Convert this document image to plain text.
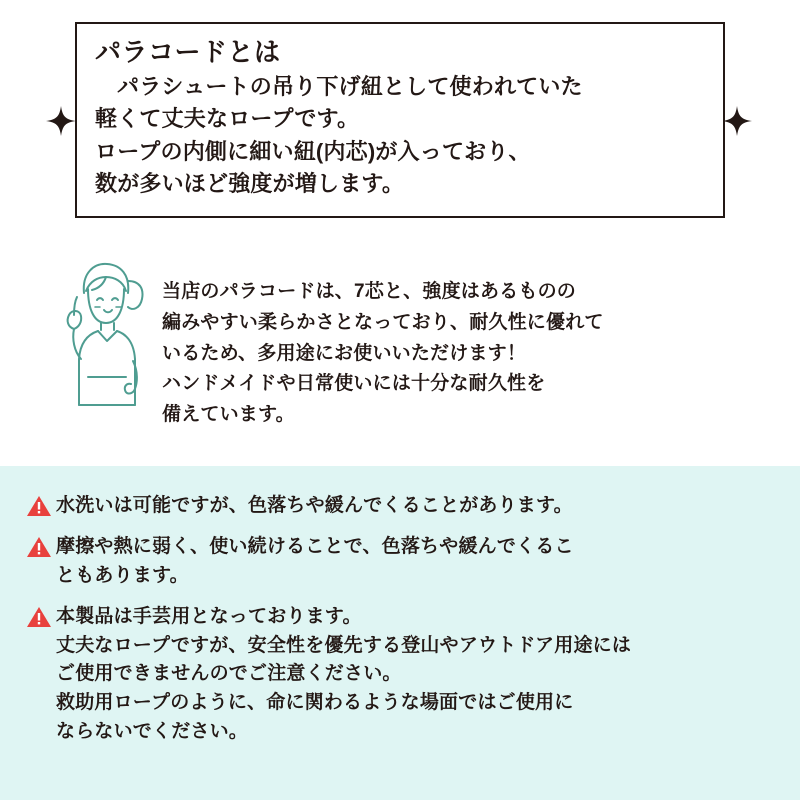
パラコードとは
パラシュートの吊り下げ紐として使われていた
軽くて丈夫なロープです。
ロープの内側に細い紐(内芯)が入っており、
数が多いほど強度が増します。

当店のパラコードは、7芯と、強度はあるものの

編みやすい柔らかさとなっており、耐久性に優れて

いるため、多用途にお使いいただけます！

ハンドメイドや日常使いには十分な耐久性を

備えています。

水洗いは可能ですが、色落ちや緩んでくることがあります。

摩擦や熱に弱く、使い続けることで、色落ちや緩んでくるこ

ともあります。

本製品は手芸用となっております。

丈夫なロープですが、安全性を優先する登山やアウトドア用途には

ご使用できませんのでご注意ください。

救助用ロープのように、命に関わるような場面ではご使用に

ならないでください。
